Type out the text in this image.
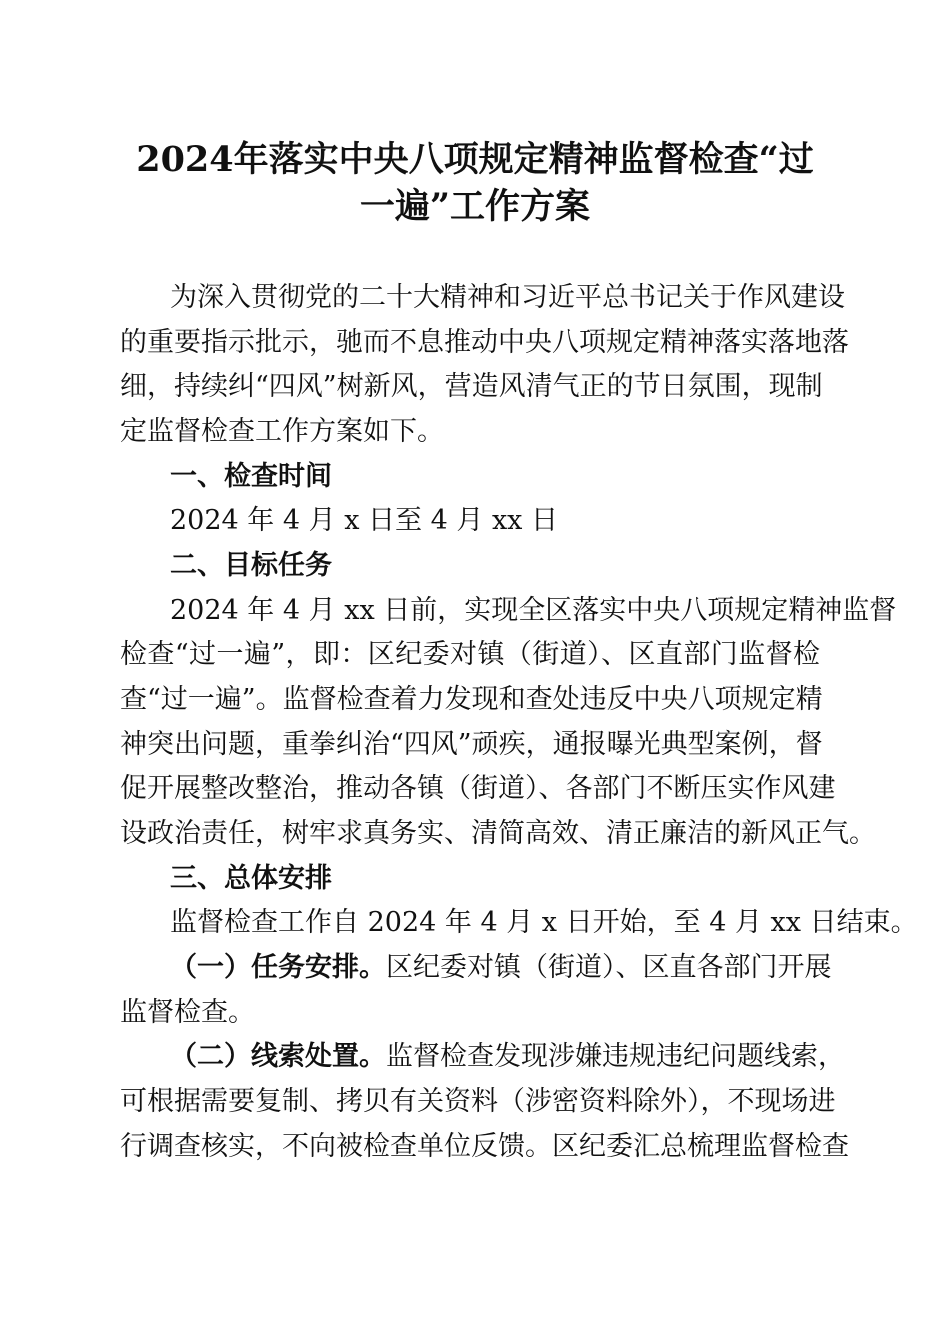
2024年落实中央八项规定精神监督检查“过
一遍”工作方案
为深入贯彻党的二十大精神和习近平总书记关于作风建设
的重要指示批示，驰而不息推动中央八项规定精神落实落地落
细，持续纠“四风”树新风，营造风清气正的节日氛围，现制
定监督检查工作方案如下。
一、检查时间
2024 年 4 月 x 日至 4 月 xx 日
二、目标任务
2024 年 4 月 xx 日前，实现全区落实中央八项规定精神监督
检查“过一遍”，即：区纪委对镇（街道）、区直部门监督检
查“过一遍”。监督检查着力发现和查处违反中央八项规定精
神突出问题，重拳纠治“四风”顽疾，通报曝光典型案例，督
促开展整改整治，推动各镇（街道）、各部门不断压实作风建
设政治责任，树牢求真务实、清简高效、清正廉洁的新风正气。
三、总体安排
监督检查工作自 2024 年 4 月 x 日开始，至 4 月 xx 日结束。
（一）任务安排。区纪委对镇（街道）、区直各部门开展
监督检查。
（二）线索处置。监督检查发现涉嫌违规违纪问题线索，
可根据需要复制、拷贝有关资料（涉密资料除外），不现场进
行调查核实，不向被检查单位反馈。区纪委汇总梳理监督检查
